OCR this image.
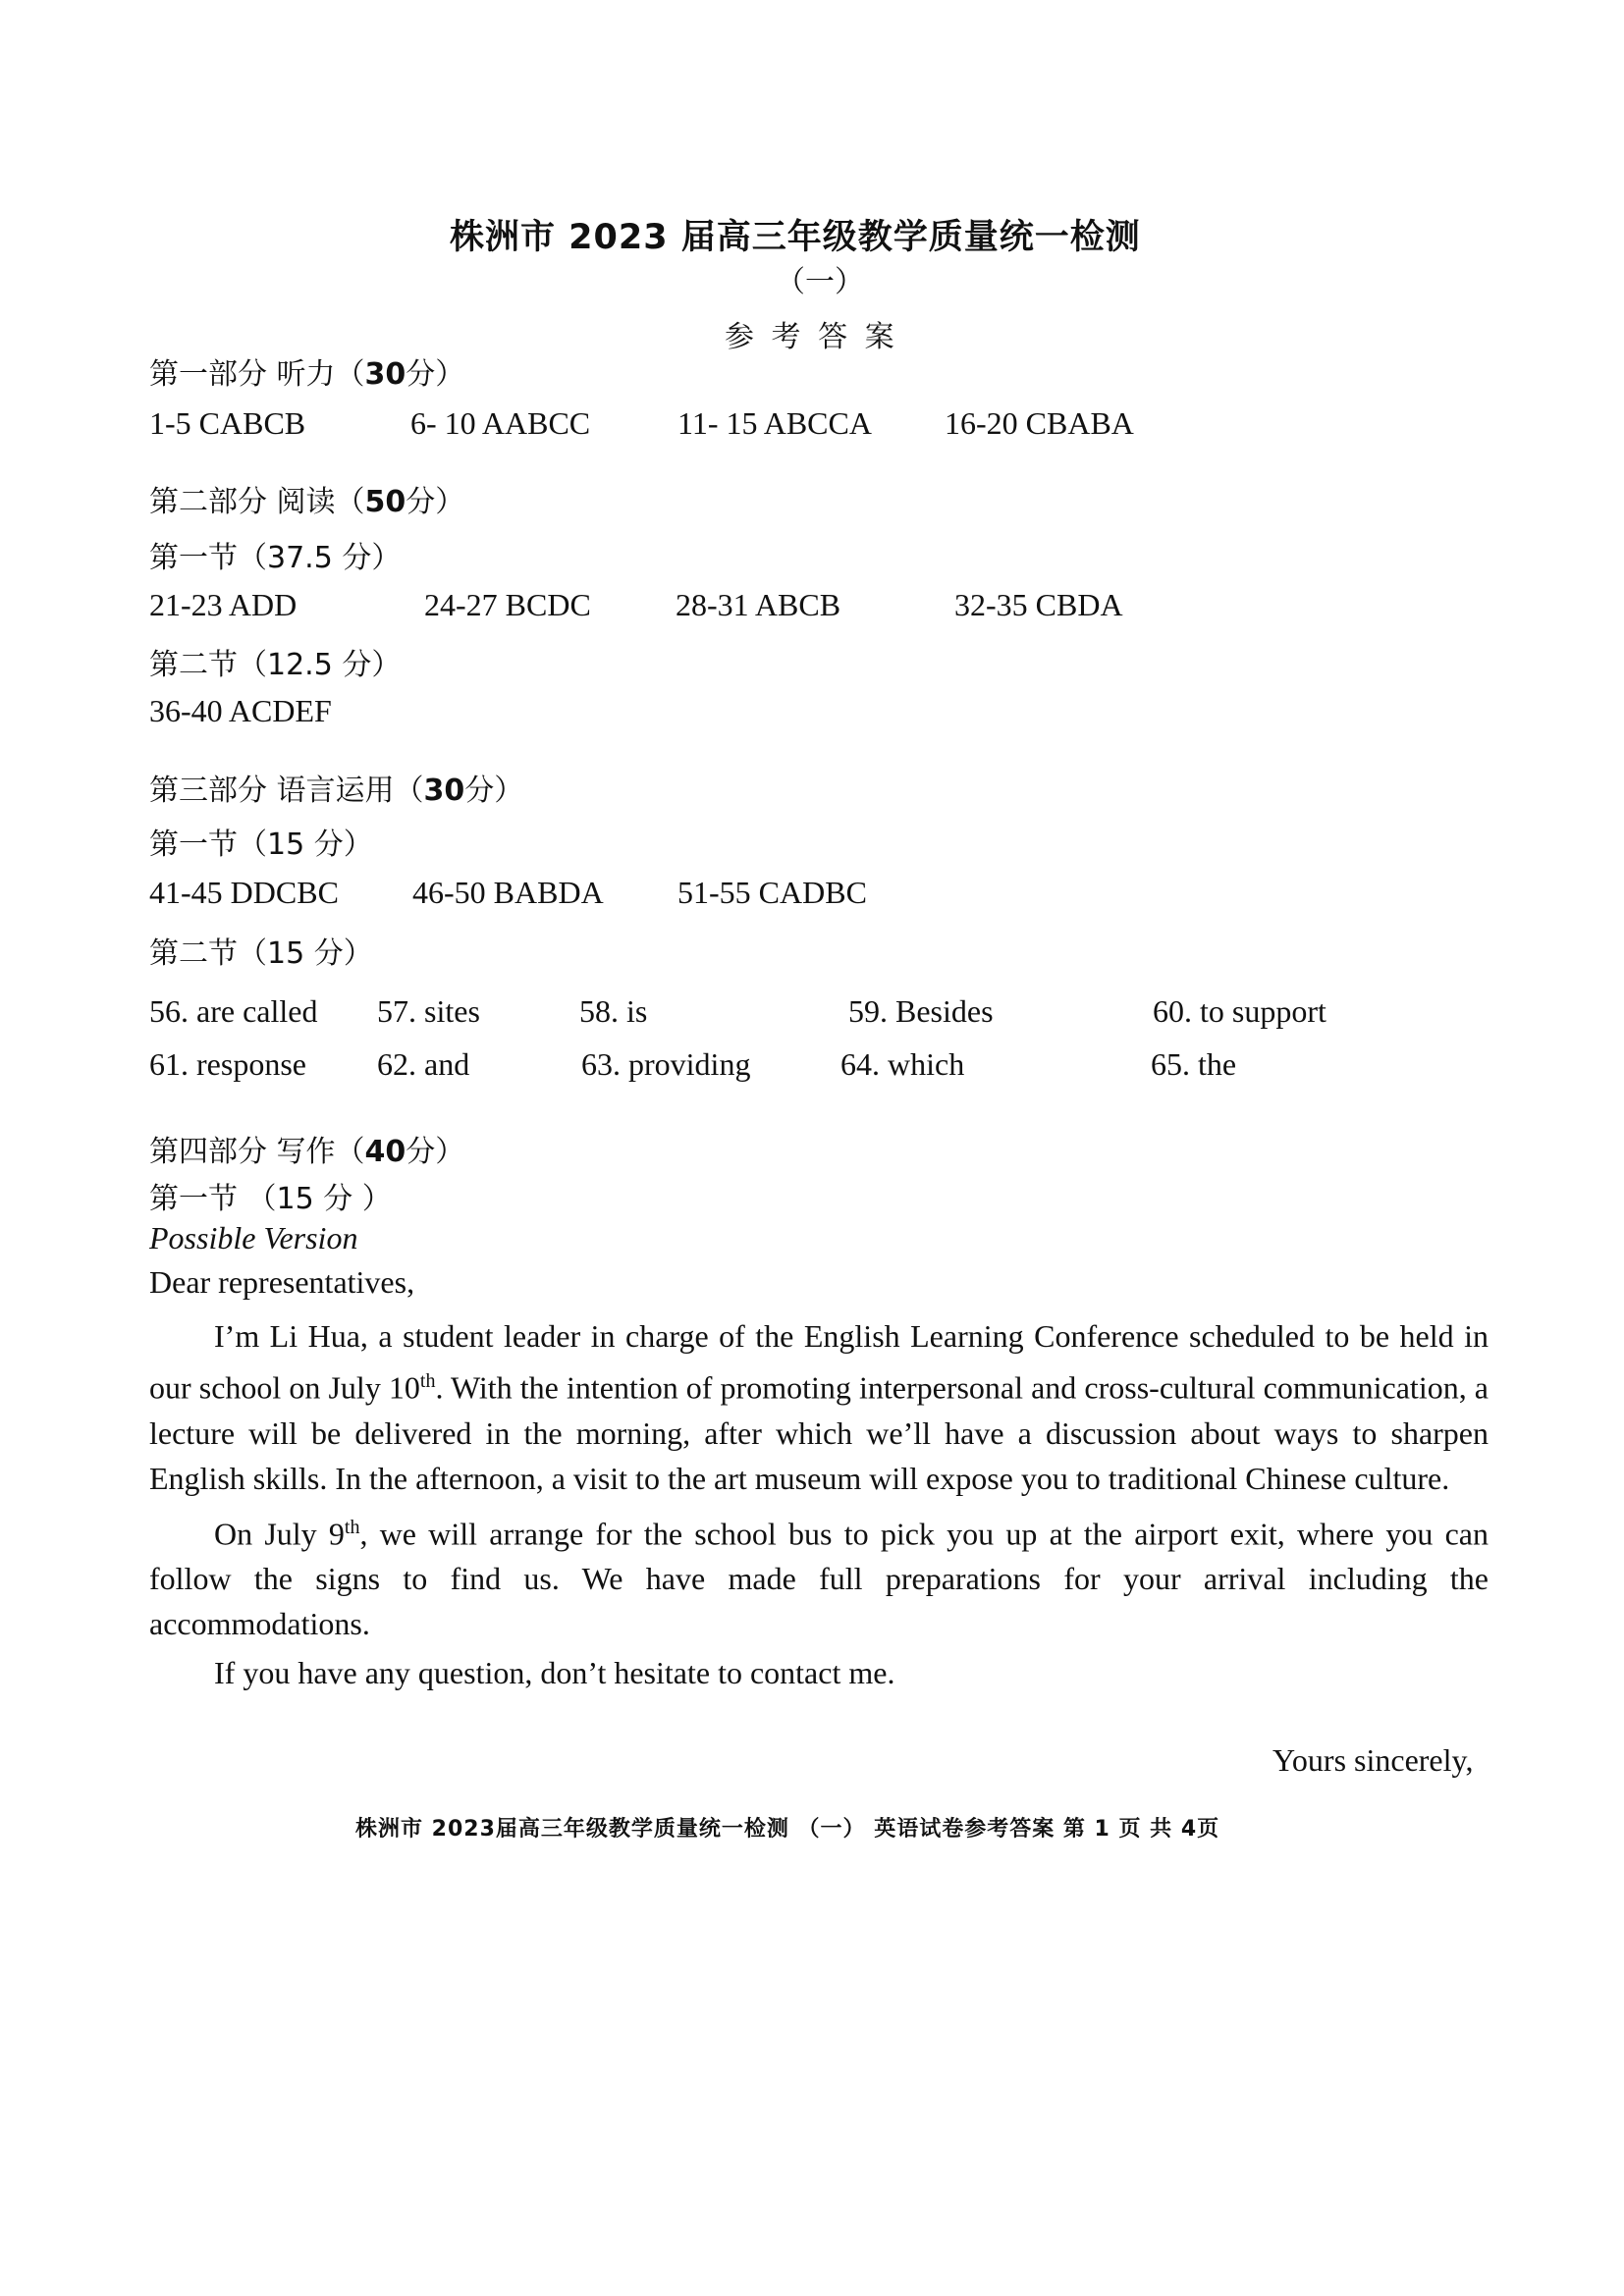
株洲市 2023 届高三年级教学质量统一检测
（一）
参 考 答 案
第一部分 听力（30分）
1-5 CABCB	6- 10 AABCC	11- 15 ABCCA 16-20 CBABA
第二部分 阅读（50分）
第一节（37.5 分）
21-23 ADD	24-27 BCDC	28-31 ABCB	32-35 CBDA
第二节（12.5 分）
36-40 ACDEF
第三部分 语言运用（30分）
第一节（15 分）
41-45 DDCBC 46-50 BABDA 51-55 CADBC
第二节（15 分）
56. are called 57. sites	58. is	59. Besides	60. to support
61. response 62. and	63. providing	64. which	65. the
第四部分 写作（40分）
第一节 （15 分 ）
Possible Version
Dear representatives,

I’m Li Hua, a student leader in charge of the English Learning Conference scheduled to be held in our school on July 10th. With the intention of promoting interpersonal and cross-cultural communication, a lecture will be delivered in the morning, after which we’ll have a discussion about ways to sharpen English skills. In the afternoon, a visit to the art museum will expose you to traditional Chinese culture.

On July 9th, we will arrange for the school bus to pick you up at the airport exit, where you can follow the signs to find us. We have made full preparations for your arrival including the accommodations.

If you have any question, don’t hesitate to contact me.

Yours sincerely,
株洲市 2023届高三年级教学质量统一检测 （一） 英语试卷参考答案 第 1 页 共 4页
